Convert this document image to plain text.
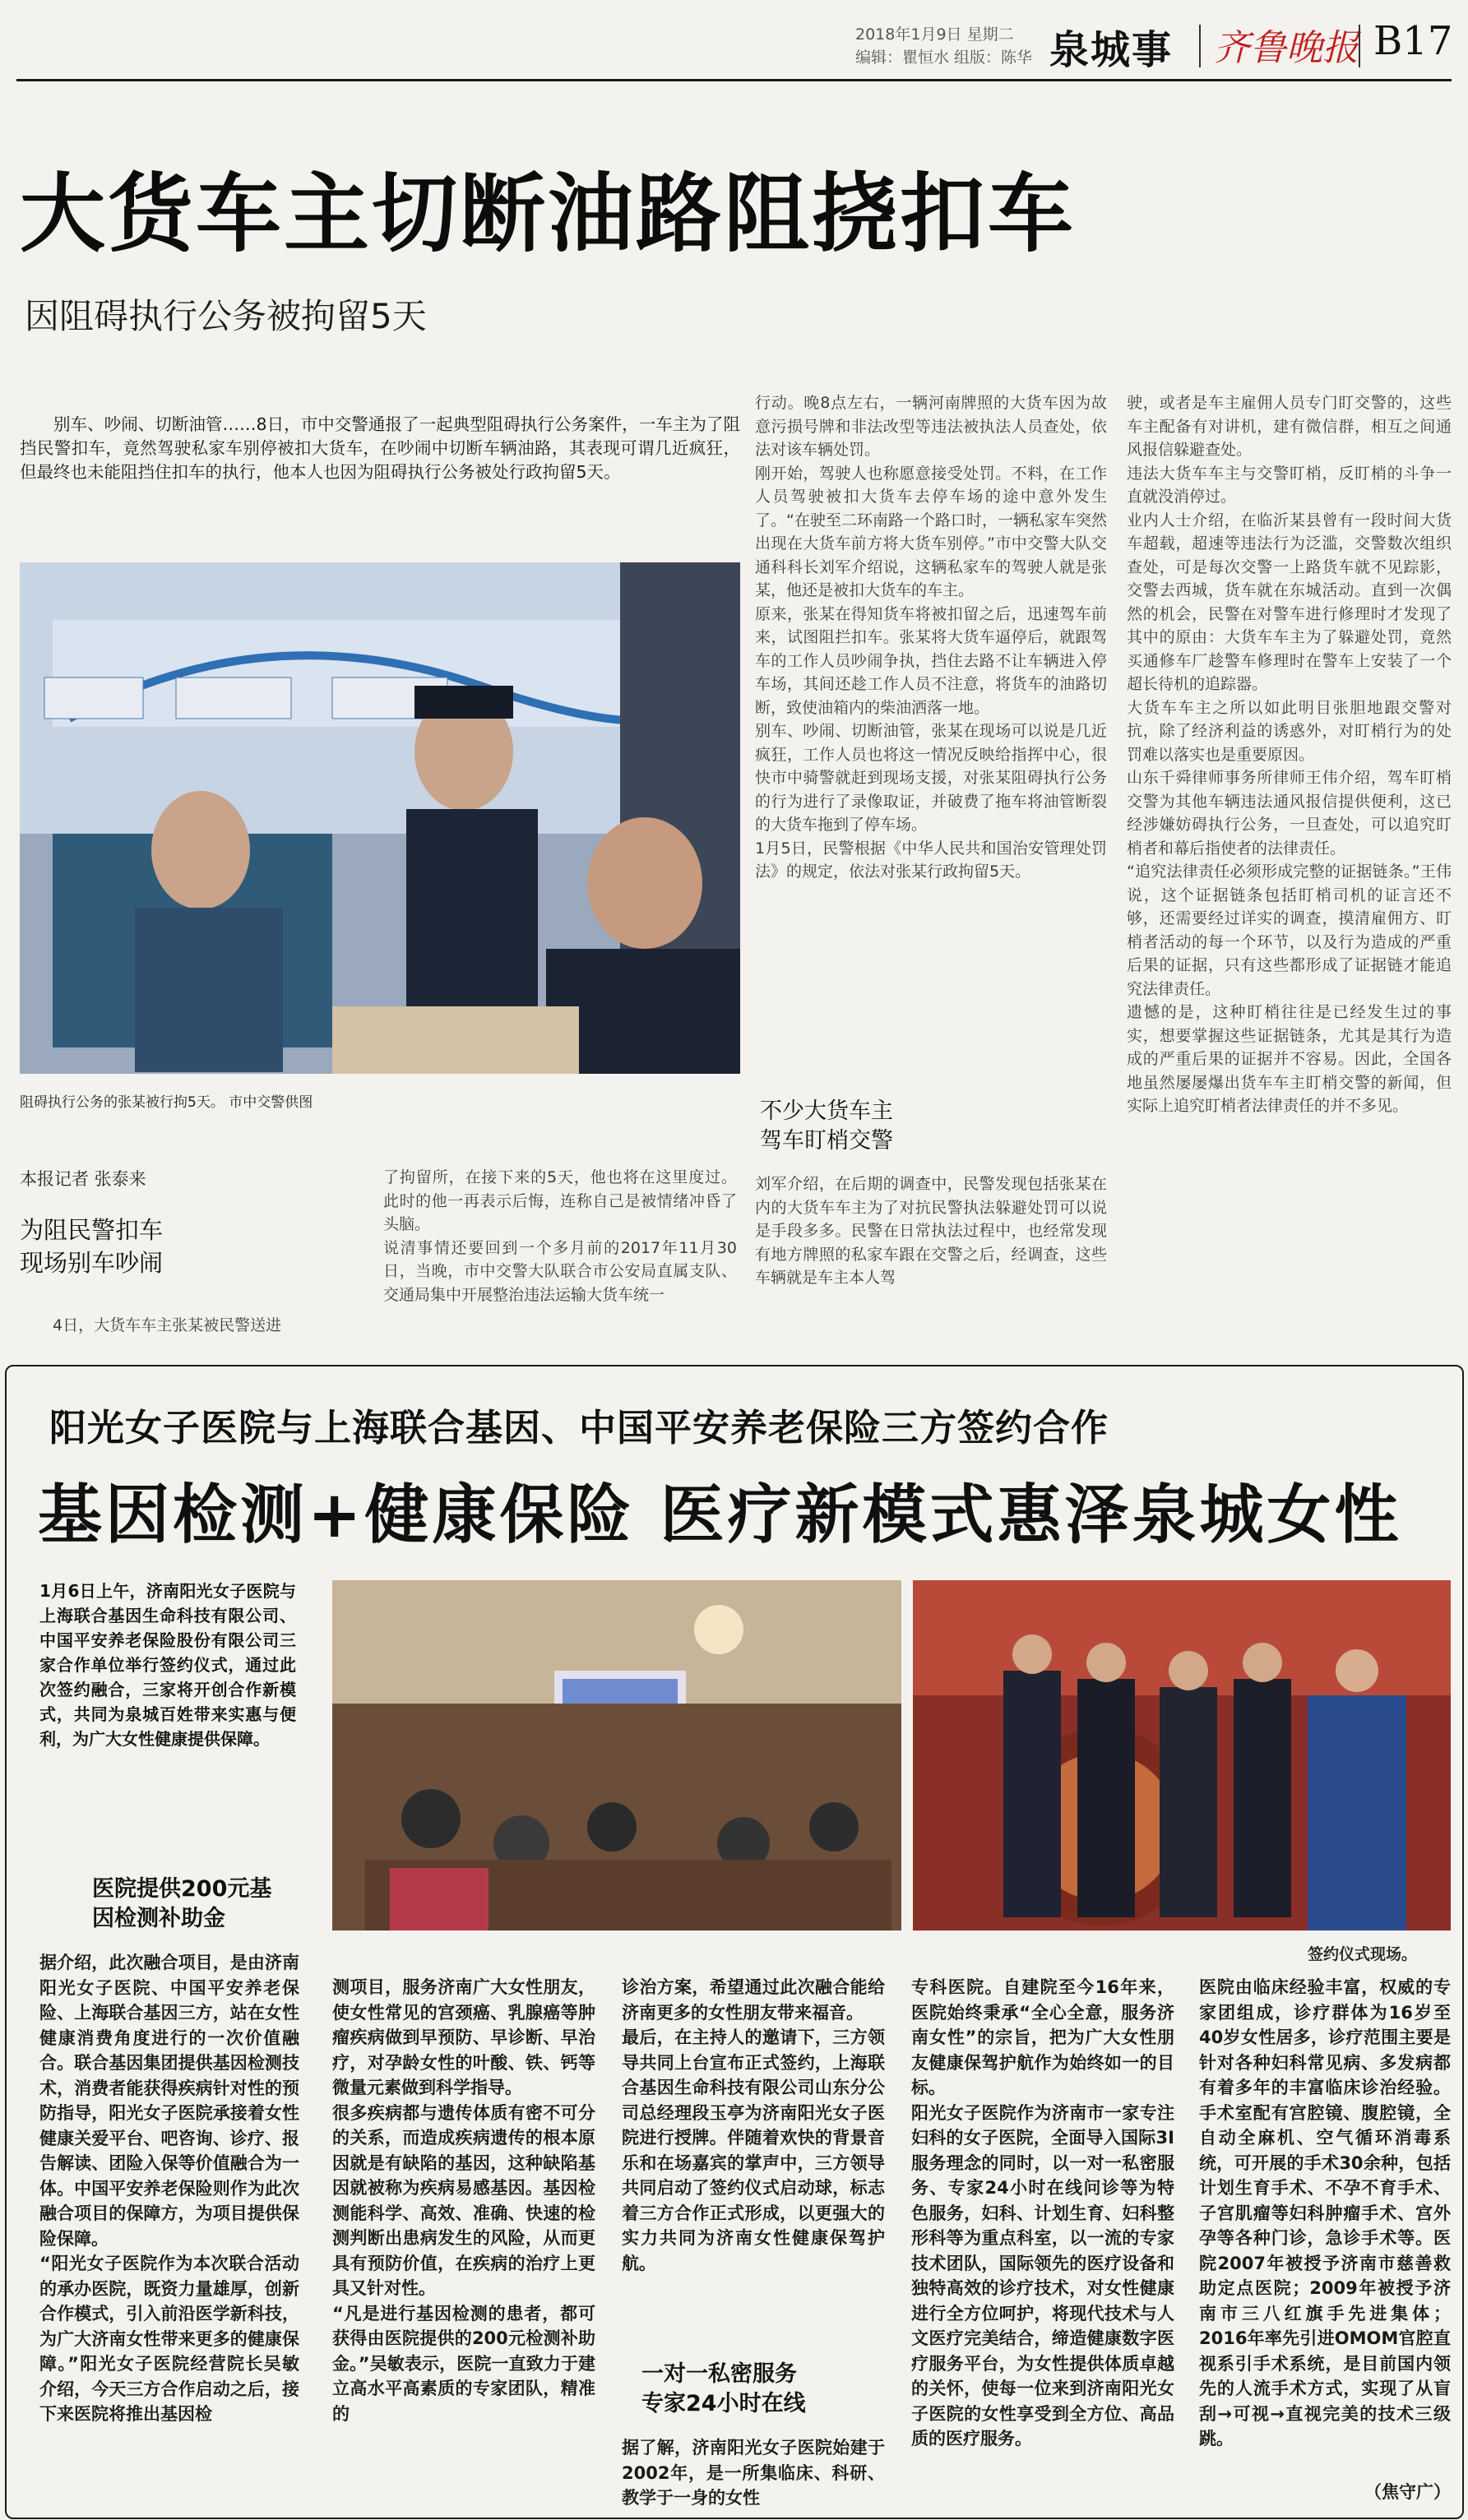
2018年1月9日 星期二
编辑：瞿恒水 组版：陈华 泉城事 齐鲁晚报 B17
大货车主切断油路阻挠扣车
因阻碍执行公务被拘留5天

别车、吵闹、切断油管……8日，市中交警通报了一起典型阻碍执行公务案件，一车主为了阻挡民警扣车，竟然驾驶私家车别停被扣大货车，在吵闹中切断车辆油路，其表现可谓几近疯狂，但最终也未能阻挡住扣车的执行，他本人也因为阻碍执行公务被处行政拘留5天。

阻碍执行公务的张某被行拘5天。 市中交警供图
本报记者 张泰来
为阻民警扣车
现场别车吵闹
4日，大货车车主张某被民警送进
了拘留所，在接下来的5天，他也将在这里度过。此时的他一再表示后悔，连称自己是被情绪冲昏了头脑。
说清事情还要回到一个多月前的2017年11月30日，当晚，市中交警大队联合市公安局直属支队、交通局集中开展整治违法运输大货车统一
行动。晚8点左右，一辆河南牌照的大货车因为故意污损号牌和非法改型等违法被执法人员查处，依法对该车辆处罚。
刚开始，驾驶人也称愿意接受处罚。不料，在工作人员驾驶被扣大货车去停车场的途中意外发生了。“在驶至二环南路一个路口时，一辆私家车突然出现在大货车前方将大货车别停。”市中交警大队交通科科长刘军介绍说，这辆私家车的驾驶人就是张某，他还是被扣大货车的车主。
原来，张某在得知货车将被扣留之后，迅速驾车前来，试图阻拦扣车。张某将大货车逼停后，就跟驾车的工作人员吵闹争执，挡住去路不让车辆进入停车场，其间还趁工作人员不注意，将货车的油路切断，致使油箱内的柴油洒落一地。
别车、吵闹、切断油管，张某在现场可以说是几近疯狂，工作人员也将这一情况反映给指挥中心，很快市中骑警就赶到现场支援，对张某阻碍执行公务的行为进行了录像取证，并破费了拖车将油管断裂的大货车拖到了停车场。
1月5日，民警根据《中华人民共和国治安管理处罚法》的规定，依法对张某行政拘留5天。
不少大货车主
驾车盯梢交警
刘军介绍，在后期的调查中，民警发现包括张某在内的大货车车主为了对抗民警执法躲避处罚可以说是手段多多。民警在日常执法过程中，也经常发现有地方牌照的私家车跟在交警之后，经调查，这些车辆就是车主本人驾
驶，或者是车主雇佣人员专门盯交警的，这些车主配备有对讲机，建有微信群，相互之间通风报信躲避查处。
违法大货车车主与交警盯梢，反盯梢的斗争一直就没消停过。
业内人士介绍，在临沂某县曾有一段时间大货车超载，超速等违法行为泛滥，交警数次组织查处，可是每次交警一上路货车就不见踪影，交警去西城，货车就在东城活动。直到一次偶然的机会，民警在对警车进行修理时才发现了其中的原由：大货车车主为了躲避处罚，竟然买通修车厂趁警车修理时在警车上安装了一个超长待机的追踪器。
大货车车主之所以如此明目张胆地跟交警对抗，除了经济利益的诱惑外，对盯梢行为的处罚难以落实也是重要原因。
山东千舜律师事务所律师王伟介绍，驾车盯梢交警为其他车辆违法通风报信提供便利，这已经涉嫌妨碍执行公务，一旦查处，可以追究盯梢者和幕后指使者的法律责任。
“追究法律责任必须形成完整的证据链条。”王伟说，这个证据链条包括盯梢司机的证言还不够，还需要经过详实的调查，摸清雇佣方、盯梢者活动的每一个环节，以及行为造成的严重后果的证据，只有这些都形成了证据链才能追究法律责任。
遗憾的是，这种盯梢往往是已经发生过的事实，想要掌握这些证据链条，尤其是其行为造成的严重后果的证据并不容易。因此，全国各地虽然屡屡爆出货车车主盯梢交警的新闻，但实际上追究盯梢者法律责任的并不多见。
阳光女子医院与上海联合基因、中国平安养老保险三方签约合作
基因检测+健康保险 医疗新模式惠泽泉城女性
1月6日上午，济南阳光女子医院与上海联合基因生命科技有限公司、中国平安养老保险股份有限公司三家合作单位举行签约仪式，通过此次签约融合，三家将开创合作新模式，共同为泉城百姓带来实惠与便利，为广大女性健康提供保障。
签约仪式现场。
医院提供200元基
因检测补助金
据介绍，此次融合项目，是由济南阳光女子医院、中国平安养老保险、上海联合基因三方，站在女性健康消费角度进行的一次价值融合。联合基因集团提供基因检测技术，消费者能获得疾病针对性的预防指导，阳光女子医院承接着女性健康关爱平台、吧咨询、诊疗、报告解读、团险入保等价值融合为一体。中国平安养老保险则作为此次融合项目的保障方，为项目提供保险保障。
“阳光女子医院作为本次联合活动的承办医院，既资力量雄厚，创新合作模式，引入前沿医学新科技，为广大济南女性带来更多的健康保障。”阳光女子医院经营院长吴敏介绍，今天三方合作启动之后，接下来医院将推出基因检
测项目，服务济南广大女性朋友，使女性常见的宫颈癌、乳腺癌等肿瘤疾病做到早预防、早诊断、早治疗，对孕龄女性的叶酸、铁、钙等微量元素做到科学指导。
很多疾病都与遗传体质有密不可分的关系，而造成疾病遗传的根本原因就是有缺陷的基因，这种缺陷基因就被称为疾病易感基因。基因检测能科学、高效、准确、快速的检测判断出患病发生的风险，从而更具有预防价值，在疾病的治疗上更具又针对性。
“凡是进行基因检测的患者，都可获得由医院提供的200元检测补助金。”吴敏表示，医院一直致力于建立高水平高素质的专家团队，精准的
诊治方案，希望通过此次融合能给济南更多的女性朋友带来福音。
最后，在主持人的邀请下，三方领导共同上台宣布正式签约，上海联合基因生命科技有限公司山东分公司总经理段玉亭为济南阳光女子医院进行授牌。伴随着欢快的背景音乐和在场嘉宾的掌声中，三方领导共同启动了签约仪式启动球，标志着三方合作正式形成，以更强大的实力共同为济南女性健康保驾护航。
一对一私密服务
专家24小时在线
据了解，济南阳光女子医院始建于2002年，是一所集临床、科研、教学于一身的女性
专科医院。自建院至今16年来，医院始终秉承“全心全意，服务济南女性”的宗旨，把为广大女性朋友健康保驾护航作为始终如一的目标。
阳光女子医院作为济南市一家专注妇科的女子医院，全面导入国际3I服务理念的同时，以一对一私密服务、专家24小时在线问诊等为特色服务，妇科、计划生育、妇科整形科等为重点科室，以一流的专家技术团队，国际领先的医疗设备和独特高效的诊疗技术，对女性健康进行全方位呵护，将现代技术与人文医疗完美结合，缔造健康数字医疗服务平台，为女性提供体质卓越的关怀，使每一位来到济南阳光女子医院的女性享受到全方位、高品质的医疗服务。
医院由临床经验丰富，权威的专家团组成，诊疗群体为16岁至40岁女性居多，诊疗范围主要是针对各种妇科常见病、多发病都有着多年的丰富临床诊治经验。手术室配有宫腔镜、腹腔镜，全自动全麻机、空气循环消毒系统，可开展的手术30余种，包括计划生育手术、不孕不育手术、子宫肌瘤等妇科肿瘤手术、宫外孕等各种门诊，急诊手术等。医院2007年被授予济南市慈善救助定点医院；2009年被授予济南市三八红旗手先进集体；2016年率先引进OMOM官腔直视系引手术系统，是目前国内领先的人流手术方式，实现了从盲刮→可视→直视完美的技术三级跳。
（焦守广）
